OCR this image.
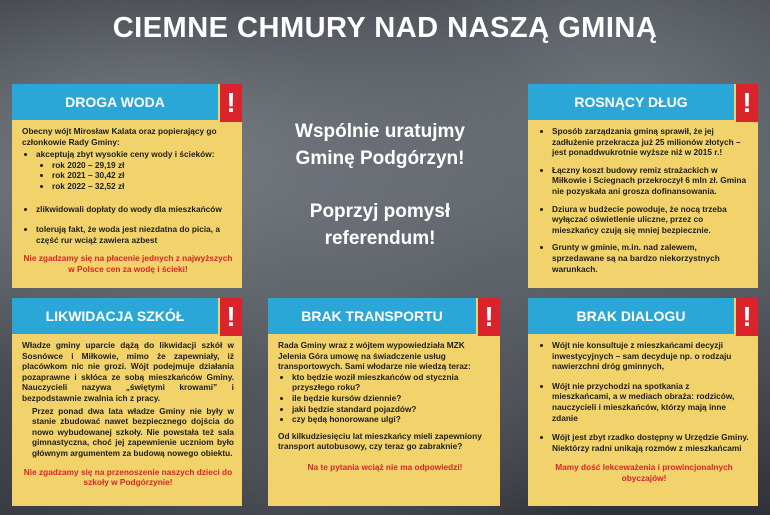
CIEMNE CHMURY NAD NASZĄ GMINĄ
Wspólnie uratujmy
Gminę Podgórzyn!
Poprzyj pomysł
referendum!
DROGA WODA	!

Obecny wójt Mirosław Kalata oraz popierający go członkowie Rady Gminy:

• akceptują zbyt wysokie ceny wody i ścieków:
• rok 2020 – 29,19 zł
• rok 2021 – 30,42 zł
• rok 2022 – 32,52 zł
• zlikwidowali dopłaty do wody dla mieszkańców
• tolerują fakt, że woda jest niezdatna do picia, a część rur wciąż zawiera azbest

Nie zgadzamy się na płacenie jednych z najwyższych w Polsce cen za wodę i ścieki!

ROSNĄCY DŁUG	!
• Sposób zarządzania gminą sprawił, że jej zadłużenie przekracza już 25 milionów złotych – jest ponaddwukrotnie wyższe niż w 2015 r.!
• Łączny koszt budowy remiz strażackich w Miłkowie i Sciegnach przekroczył 6 mln zł. Gmina nie pozyskała ani grosza dofinansowania.
• Dziura w budżecie powoduje, że nocą trzeba wyłączać oświetlenie uliczne, przez co mieszkańcy czują się mniej bezpiecznie.
• Grunty w gminie, m.in. nad zalewem, sprzedawane są na bardzo niekorzystnych warunkach.
LIKWIDACJA SZKÓŁ	!

Władze gminy uparcie dążą do likwidacji szkół w Sosnówce i Miłkowie, mimo że zapewniały, iż placówkom nic nie grozi. Wójt podejmuje działania pozaprawne i skłóca ze sobą mieszkańców Gminy. Nauczycieli nazywa „świętymi krowami” i bezpodstawnie zwalnia ich z pracy.

Przez ponad dwa lata władze Gminy nie były w stanie zbudować nawet bezpiecznego dojścia do nowo wybudowanej szkoły. Nie powstała też sala gimnastyczna, choć jej zapewnienie uczniom było głównym argumentem za budową nowego obiektu.

Nie zgadzamy się na przenoszenie naszych dzieci do szkoły w Podgórzynie!

BRAK TRANSPORTU	!

Rada Gminy wraz z wójtem wypowiedziała MZK Jelenia Góra umowę na świadczenie usług transportowych. Sami włodarze nie wiedzą teraz:

• kto będzie woził mieszkańców od stycznia przyszłego roku?
• ile będzie kursów dziennie?
• jaki będzie standard pojazdów?
• czy będą honorowane ulgi?

Od kilkudziesięciu lat mieszkańcy mieli zapewniony transport autobusowy, czy teraz go zabraknie?

Na te pytania wciąż nie ma odpowiedzi!

BRAK DIALOGU	!
• Wójt nie konsultuje z mieszkańcami decyzji inwestycyjnych – sam decyduje np. o rodzaju nawierzchni dróg gminnych,
• Wójt nie przychodzi na spotkania z mieszkańcami, a w mediach obraża: rodziców, nauczycieli i mieszkańców, którzy mają inne zdanie
• Wójt jest zbyt rzadko dostępny w Urzędzie Gminy. Niektórzy radni unikają rozmów z mieszkańcami

Mamy dość lekceważenia i prowincjonalnych obyczajów!
